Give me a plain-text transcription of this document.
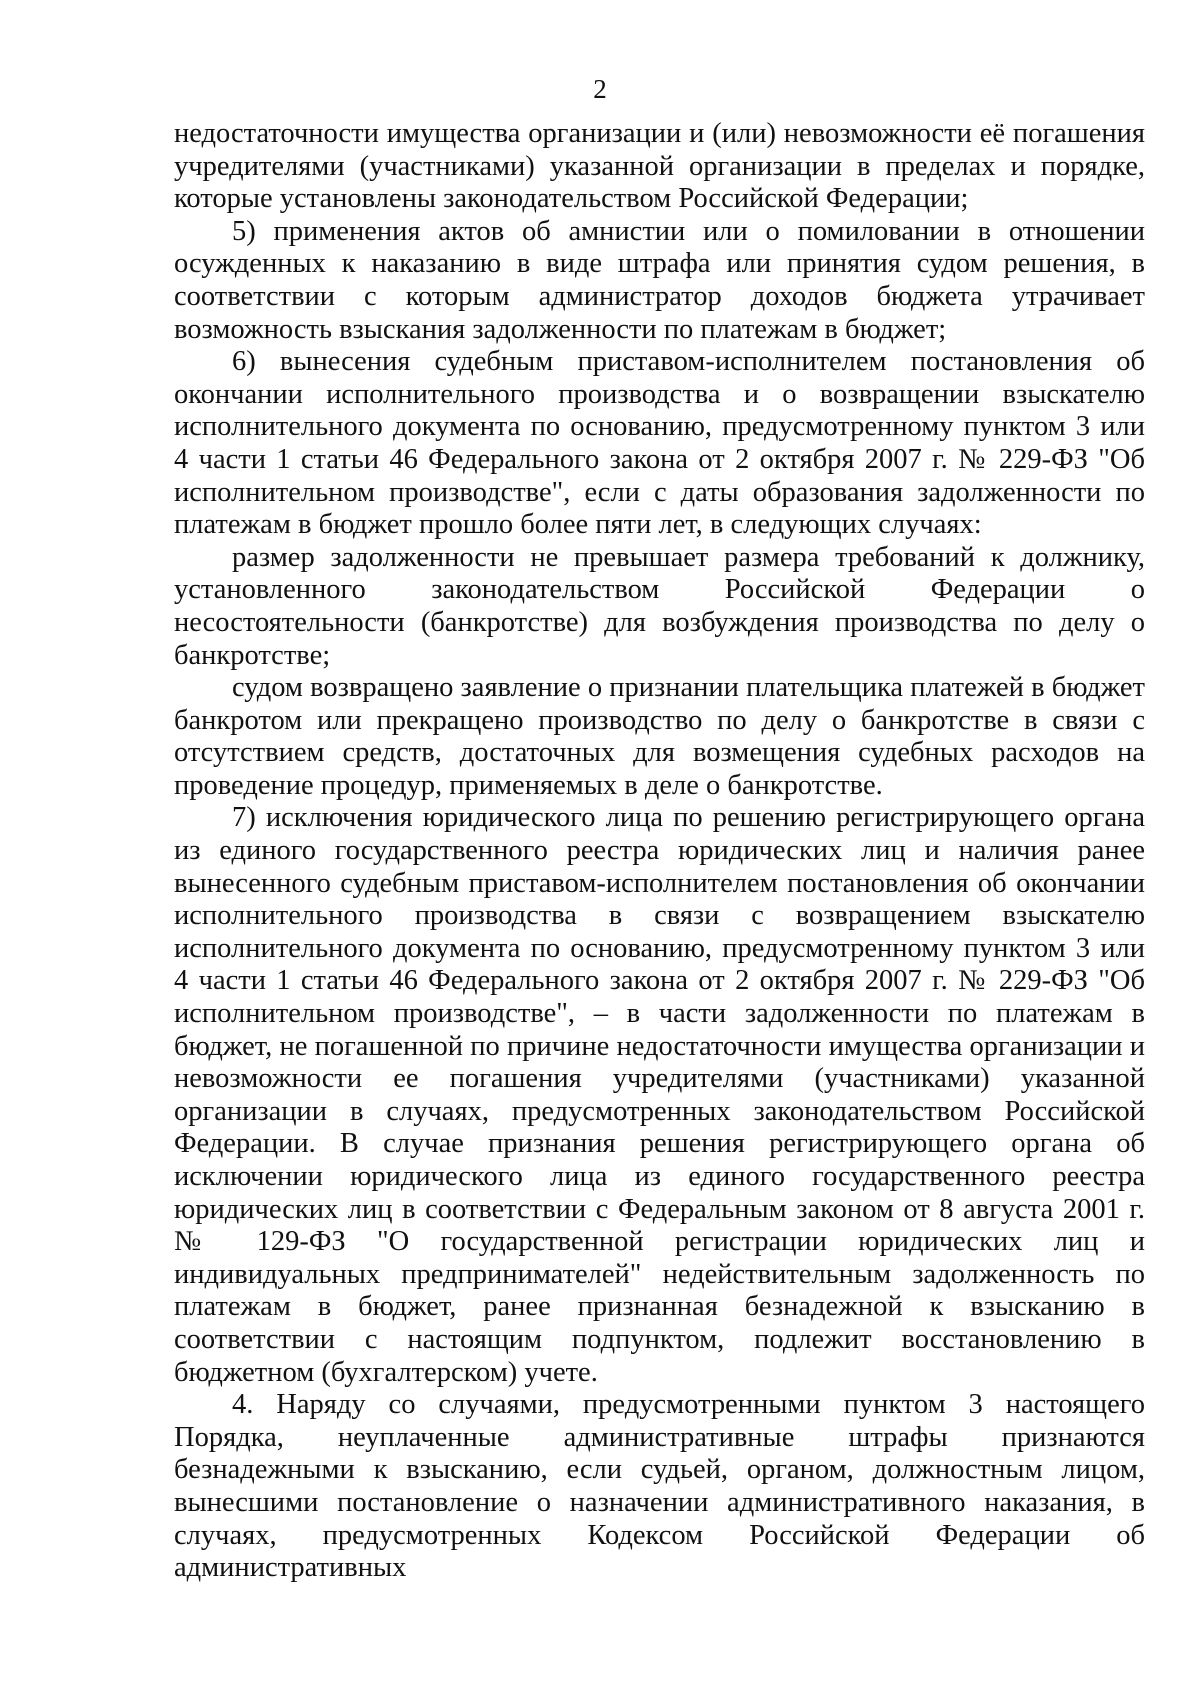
2

недостаточности имущества организации и (или) невозможности её погашения учредителями (участниками) указанной организации в пределах и порядке, которые установлены законодательством Российской Федерации;

5) применения актов об амнистии или о помиловании в отношении осужденных к наказанию в виде штрафа или принятия судом решения, в соответствии с которым администратор доходов бюджета утрачивает возможность взыскания задолженности по платежам в бюджет;

6) вынесения судебным приставом-исполнителем постановления об окончании исполнительного производства и о возвращении взыскателю исполнительного документа по основанию, предусмотренному пунктом 3 или 4 части 1 статьи 46 Федерального закона от 2 октября 2007 г. № 229-ФЗ "Об исполнительном производстве", если с даты образования задолженности по платежам в бюджет прошло более пяти лет, в следующих случаях:

размер задолженности не превышает размера требований к должнику, установленного законодательством Российской Федерации о несостоятельности (банкротстве) для возбуждения производства по делу о банкротстве;

судом возвращено заявление о признании плательщика платежей в бюджет банкротом или прекращено производство по делу о банкротстве в связи с отсутствием средств, достаточных для возмещения судебных расходов на проведение процедур, применяемых в деле о банкротстве.

7) исключения юридического лица по решению регистрирующего органа из единого государственного реестра юридических лиц и наличия ранее вынесенного судебным приставом-исполнителем постановления об окончании исполнительного производства в связи с возвращением взыскателю исполнительного документа по основанию, предусмотренному пунктом 3 или 4 части 1 статьи 46 Федерального закона от 2 октября 2007 г. № 229-ФЗ "Об исполнительном производстве", – в части задолженности по платежам в бюджет, не погашенной по причине недостаточности имущества организации и невозможности ее погашения учредителями (участниками) указанной организации в случаях, предусмотренных законодательством Российской Федерации. В случае признания решения регистрирующего органа об исключении юридического лица из единого государственного реестра юридических лиц в соответствии с Федеральным законом от 8 августа 2001 г. № 129-ФЗ "О государственной регистрации юридических лиц и индивидуальных предпринимателей" недействительным задолженность по платежам в бюджет, ранее признанная безнадежной к взысканию в соответствии с настоящим подпунктом, подлежит восстановлению в бюджетном (бухгалтерском) учете.

4. Наряду со случаями, предусмотренными пунктом 3 настоящего Порядка, неуплаченные административные штрафы признаются безнадежными к взысканию, если судьей, органом, должностным лицом, вынесшими постановление о назначении административного наказания, в случаях, предусмотренных Кодексом Российской Федерации об административных
